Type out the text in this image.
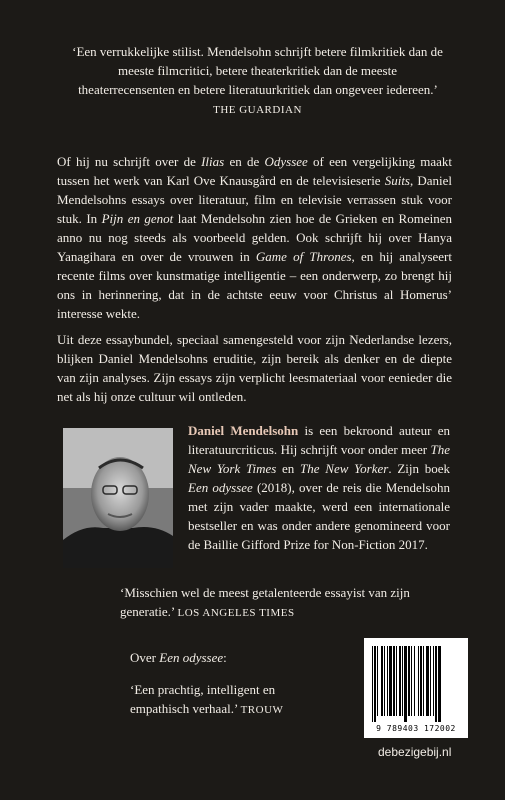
‘Een verrukkelijke stilist. Mendelsohn schrijft betere filmkritiek dan de meeste filmcritici, betere theaterkritiek dan de meeste theaterrecensenten en betere literatuurkritiek dan ongeveer iedereen.’ THE GUARDIAN

Of hij nu schrijft over de Ilias en de Odyssee of een vergelijking maakt tussen het werk van Karl Ove Knausgård en de televisieserie Suits, Daniel Mendelsohns essays over literatuur, film en televisie verrassen stuk voor stuk. In Pijn en genot laat Mendelsohn zien hoe de Grieken en Romeinen anno nu nog steeds als voorbeeld gelden. Ook schrijft hij over Hanya Yanagihara en over de vrouwen in Game of Thrones, en hij analyseert recente films over kunstmatige intelligentie – een onderwerp, zo brengt hij ons in herinnering, dat in de achtste eeuw voor Christus al Homerus’ interesse wekte.

Uit deze essaybundel, speciaal samengesteld voor zijn Nederlandse lezers, blijken Daniel Mendelsohns eruditie, zijn bereik als denker en de diepte van zijn analyses. Zijn essays zijn verplicht leesmateriaal voor eenieder die net als hij onze cultuur wil ontleden.

Daniel Mendelsohn is een bekroond auteur en literatuurcriticus. Hij schrijft voor onder meer The New York Times en The New Yorker. Zijn boek Een odyssee (2018), over de reis die Mendelsohn met zijn vader maakte, werd een internationale bestseller en was onder andere genomineerd voor de Baillie Gifford Prize for Non-Fiction 2017.

‘Misschien wel de meest getalenteerde essayist van zijn generatie.’ LOS ANGELES TIMES

Over Een odyssee:

‘Een prachtig, intelligent en empathisch verhaal.’ TROUW

9 789403 172002

debezigebij.nl
